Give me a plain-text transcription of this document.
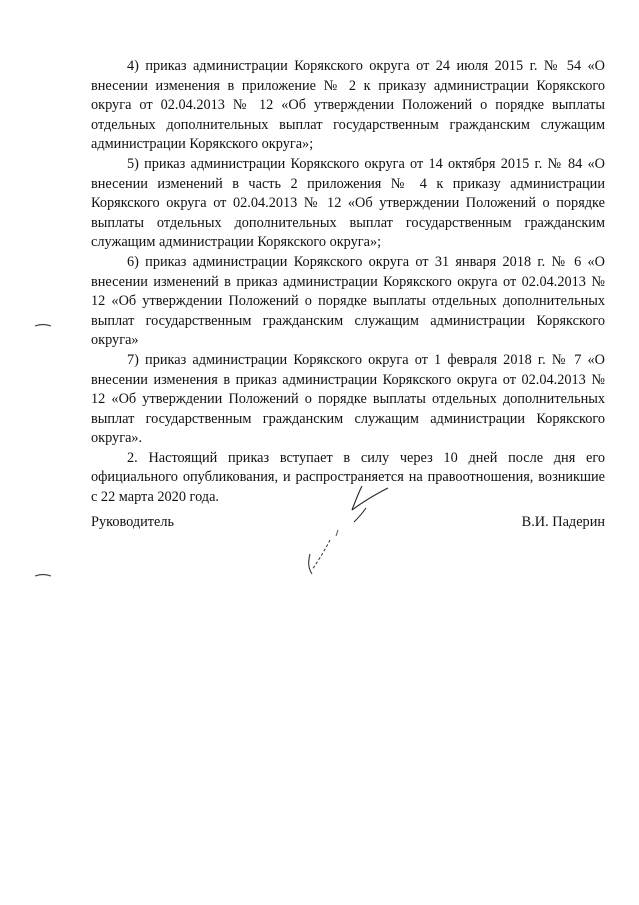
4) приказ администрации Корякского округа от 24 июля 2015 г. № 54 «О внесении изменения в приложение № 2 к приказу администрации Корякского округа от 02.04.2013 № 12 «Об утверждении Положений о порядке выплаты отдельных дополнительных выплат государственным гражданским служащим администрации Корякского округа»;

5) приказ администрации Корякского округа от 14 октября 2015 г. № 84 «О внесении изменений в часть 2 приложения № 4 к приказу администрации Корякского округа от 02.04.2013 № 12 «Об утверждении Положений о порядке выплаты отдельных дополнительных выплат государственным гражданским служащим администрации Корякского округа»;

6) приказ администрации Корякского округа от 31 января 2018 г. № 6 «О внесении изменений в приказ администрации Корякского округа от 02.04.2013 № 12 «Об утверждении Положений о порядке выплаты отдельных дополнительных выплат государственным гражданским служащим администрации Корякского округа»

7) приказ администрации Корякского округа от 1 февраля 2018 г. № 7 «О внесении изменения в приказ администрации Корякского округа от 02.04.2013 № 12 «Об утверждении Положений о порядке выплаты отдельных дополнительных выплат государственным гражданским служащим администрации Корякского округа».

2. Настоящий приказ вступает в силу через 10 дней после дня его официального опубликования, и распространяется на правоотношения, возникшие с 22 марта 2020 года.

Руководитель	В.И. Падерин
